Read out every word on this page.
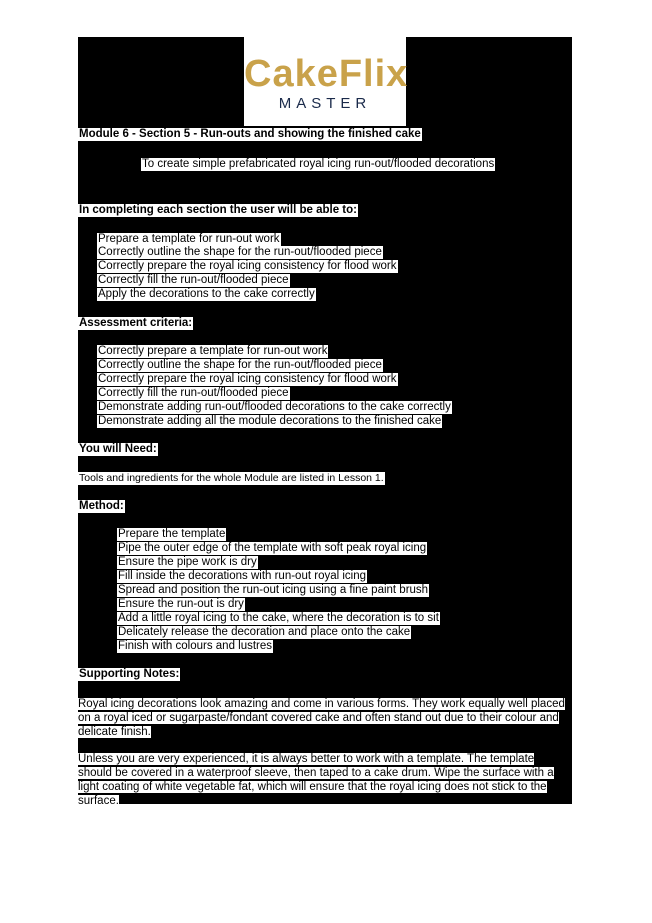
CakeFlix
MASTER
Module 6 - Section 5 - Run-outs and showing the finished cake
To create simple prefabricated royal icing run-out/flooded decorations
In completing each section the user will be able to:
Prepare a template for run-out work
Correctly outline the shape for the run-out/flooded piece
Correctly prepare the royal icing consistency for flood work
Correctly fill the run-out/flooded piece
Apply the decorations to the cake correctly
Assessment criteria:
Correctly prepare a template for run-out work
Correctly outline the shape for the run-out/flooded piece
Correctly prepare the royal icing consistency for flood work
Correctly fill the run-out/flooded piece
Demonstrate adding run-out/flooded decorations to the cake correctly
Demonstrate adding all the module decorations to the finished cake
You will Need:
Tools and ingredients for the whole Module are listed in Lesson 1.
Method:
Prepare the template
Pipe the outer edge of the template with soft peak royal icing
Ensure the pipe work is dry
Fill inside the decorations with run-out royal icing
Spread and position the run-out icing using a fine paint brush
Ensure the run-out is dry
Add a little royal icing to the cake, where the decoration is to sit
Delicately release the decoration and place onto the cake
Finish with colours and lustres
Supporting Notes:
Royal icing decorations look amazing and come in various forms. They work equally well placed on a royal iced or sugarpaste/fondant covered cake and often stand out due to their colour and delicate finish.
Unless you are very experienced, it is always better to work with a template. The template should be covered in a waterproof sleeve, then taped to a cake drum. Wipe the surface with a light coating of white vegetable fat, which will ensure that the royal icing does not stick to the surface.
